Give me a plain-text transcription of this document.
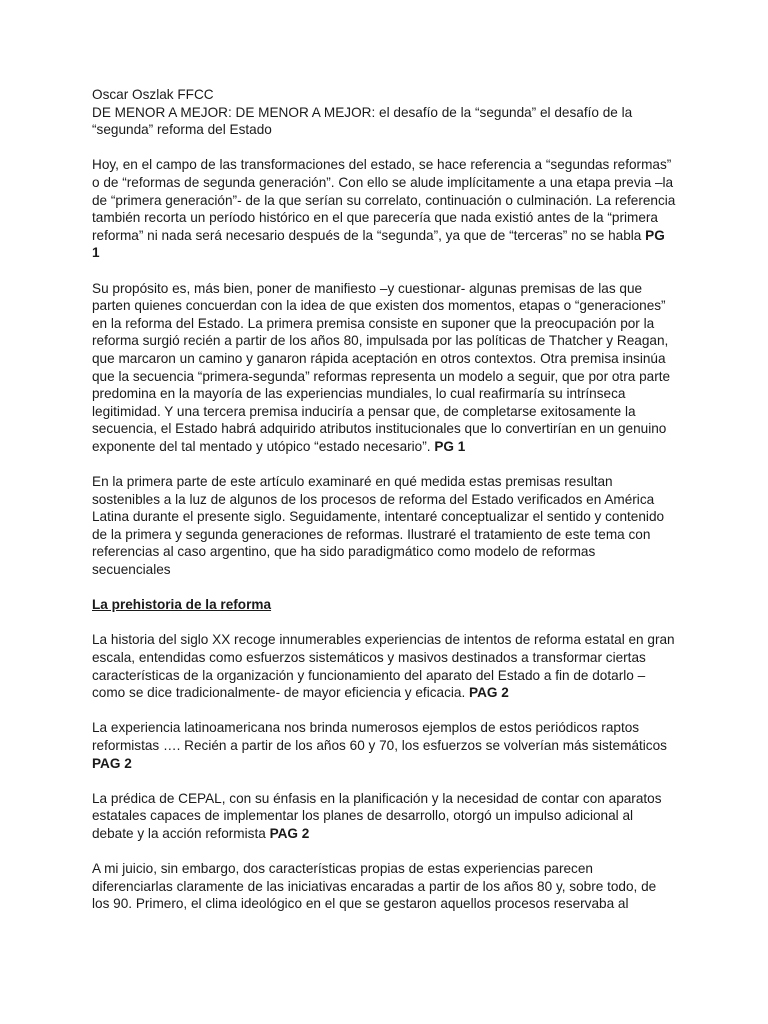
Oscar Oszlak FFCC

DE MENOR A MEJOR: DE MENOR A MEJOR: el desafío de la “segunda” el desafío de la “segunda” reforma del Estado

Hoy, en el campo de las transformaciones del estado, se hace referencia a “segundas reformas” o de “reformas de segunda generación”. Con ello se alude implícitamente a una etapa previa –la de “primera generación”- de la que serían su correlato, continuación o culminación. La referencia también recorta un período histórico en el que parecería que nada existió antes de la “primera reforma” ni nada será necesario después de la “segunda”, ya que de “terceras” no se habla PG 1

Su propósito es, más bien, poner de manifiesto –y cuestionar- algunas premisas de las que parten quienes concuerdan con la idea de que existen dos momentos, etapas o “generaciones” en la reforma del Estado. La primera premisa consiste en suponer que la preocupación por la reforma surgió recién a partir de los años 80, impulsada por las políticas de Thatcher y Reagan, que marcaron un camino y ganaron rápida aceptación en otros contextos. Otra premisa insinúa que la secuencia “primera-segunda” reformas representa un modelo a seguir, que por otra parte predomina en la mayoría de las experiencias mundiales, lo cual reafirmaría su intrínseca legitimidad. Y una tercera premisa induciría a pensar que, de completarse exitosamente la secuencia, el Estado habrá adquirido atributos institucionales que lo convertirían en un genuino exponente del tal mentado y utópico “estado necesario”. PG 1

En la primera parte de este artículo examinaré en qué medida estas premisas resultan sostenibles a la luz de algunos de los procesos de reforma del Estado verificados en América Latina durante el presente siglo. Seguidamente, intentaré conceptualizar el sentido y contenido de la primera y segunda generaciones de reformas. Ilustraré el tratamiento de este tema con referencias al caso argentino, que ha sido paradigmático como modelo de reformas secuenciales

La prehistoria de la reforma

La historia del siglo XX recoge innumerables experiencias de intentos de reforma estatal en gran escala, entendidas como esfuerzos sistemáticos y masivos destinados a transformar ciertas características de la organización y funcionamiento del aparato del Estado a fin de dotarlo –como se dice tradicionalmente- de mayor eficiencia y eficacia. PAG 2

La experiencia latinoamericana nos brinda numerosos ejemplos de estos periódicos raptos reformistas …. Recién a partir de los años 60 y 70, los esfuerzos se volverían más sistemáticos PAG 2

La prédica de CEPAL, con su énfasis en la planificación y la necesidad de contar con aparatos estatales capaces de implementar los planes de desarrollo, otorgó un impulso adicional al debate y la acción reformista PAG 2

A mi juicio, sin embargo, dos características propias de estas experiencias parecen diferenciarlas claramente de las iniciativas encaradas a partir de los años 80 y, sobre todo, de los 90. Primero, el clima ideológico en el que se gestaron aquellos procesos reservaba al
